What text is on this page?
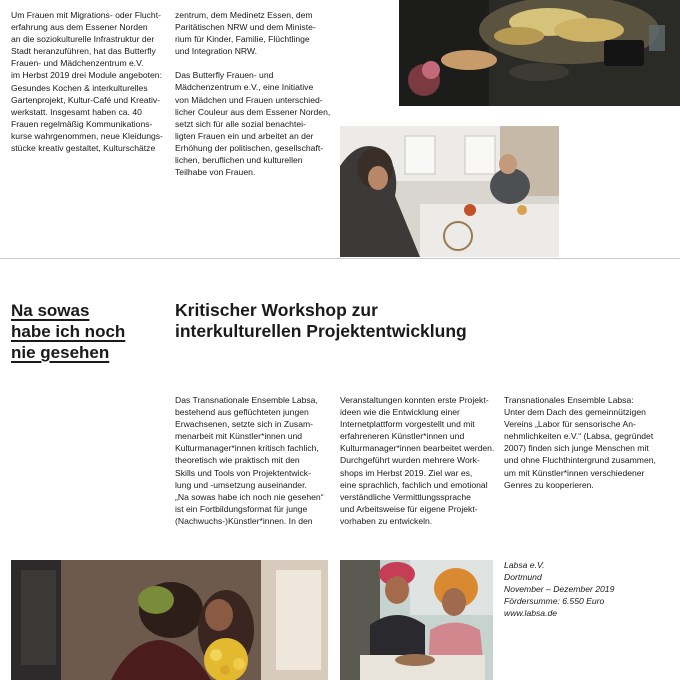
Um Frauen mit Migrations- oder Flucht-
erfahrung aus dem Essener Norden
an die soziokulturelle Infrastruktur der
Stadt heranzuführen, hat das Butterfly
Frauen- und Mädchenzentrum e.V.
im Herbst 2019 drei Module angeboten:
Gesundes Kochen & interkulturelles
Gartenprojekt, Kultur-Café und Kreativ-
werkstatt. Insgesamt haben ca. 40
Frauen regelmäßig Kommunikations-
kurse wahrgenommen, neue Kleidungs-
stücke kreativ gestaltet, Kulturschätze

zentrum, dem Medinetz Essen, dem
Paritätischen NRW und dem Ministe-
rium für Kinder, Familie, Flüchtlinge
und Integration NRW.

Das Butterfly Frauen- und
Mädchenzentrum e.V., eine Initiative
von Mädchen und Frauen unterschied-
licher Couleur aus dem Essener Norden,
setzt sich für alle sozial benachtei-
ligten Frauen ein und arbeitet an der
Erhöhung der politischen, gesellschaft-
lichen, beruflichen und kulturellen
Teilhabe von Frauen.

Na sowas
habe ich noch
nie gesehen
Kritischer Workshop zur
interkulturellen Projektentwicklung

Das Transnationale Ensemble Labsa,
bestehend aus geflüchteten jungen
Erwachsenen, setzte sich in Zusam-
menarbeit mit Künstler*innen und
Kulturmanager*innen kritisch fachlich,
theoretisch wie praktisch mit den
Skills und Tools von Projektentwick-
lung und -umsetzung auseinander.
„Na sowas habe ich noch nie gesehen“
ist ein Fortbildungsformat für junge
(Nachwuchs-)Künstler*innen. In den

Veranstaltungen konnten erste Projekt-
ideen wie die Entwicklung einer
Internetplattform vorgestellt und mit
erfahreneren Künstler*innen und
Kulturmanager*innen bearbeitet werden.
Durchgeführt wurden mehrere Work-
shops im Herbst 2019. Ziel war es,
eine sprachlich, fachlich und emotional
verständliche Vermittlungssprache
und Arbeitsweise für eigene Projekt-
vorhaben zu entwickeln.

Transnationales Ensemble Labsa:
Unter dem Dach des gemeinnützigen
Vereins „Labor für sensorische An-
nehmlichkeiten e.V.“ (Labsa, gegründet
2007) finden sich junge Menschen mit
und ohne Fluchthintergrund zusammen,
um mit Künstler*innen verschiedener
Genres zu kooperieren.

Labsa e.V.
Dortmund
November – Dezember 2019
Fördersumme: 6.550 Euro
www.labsa.de
